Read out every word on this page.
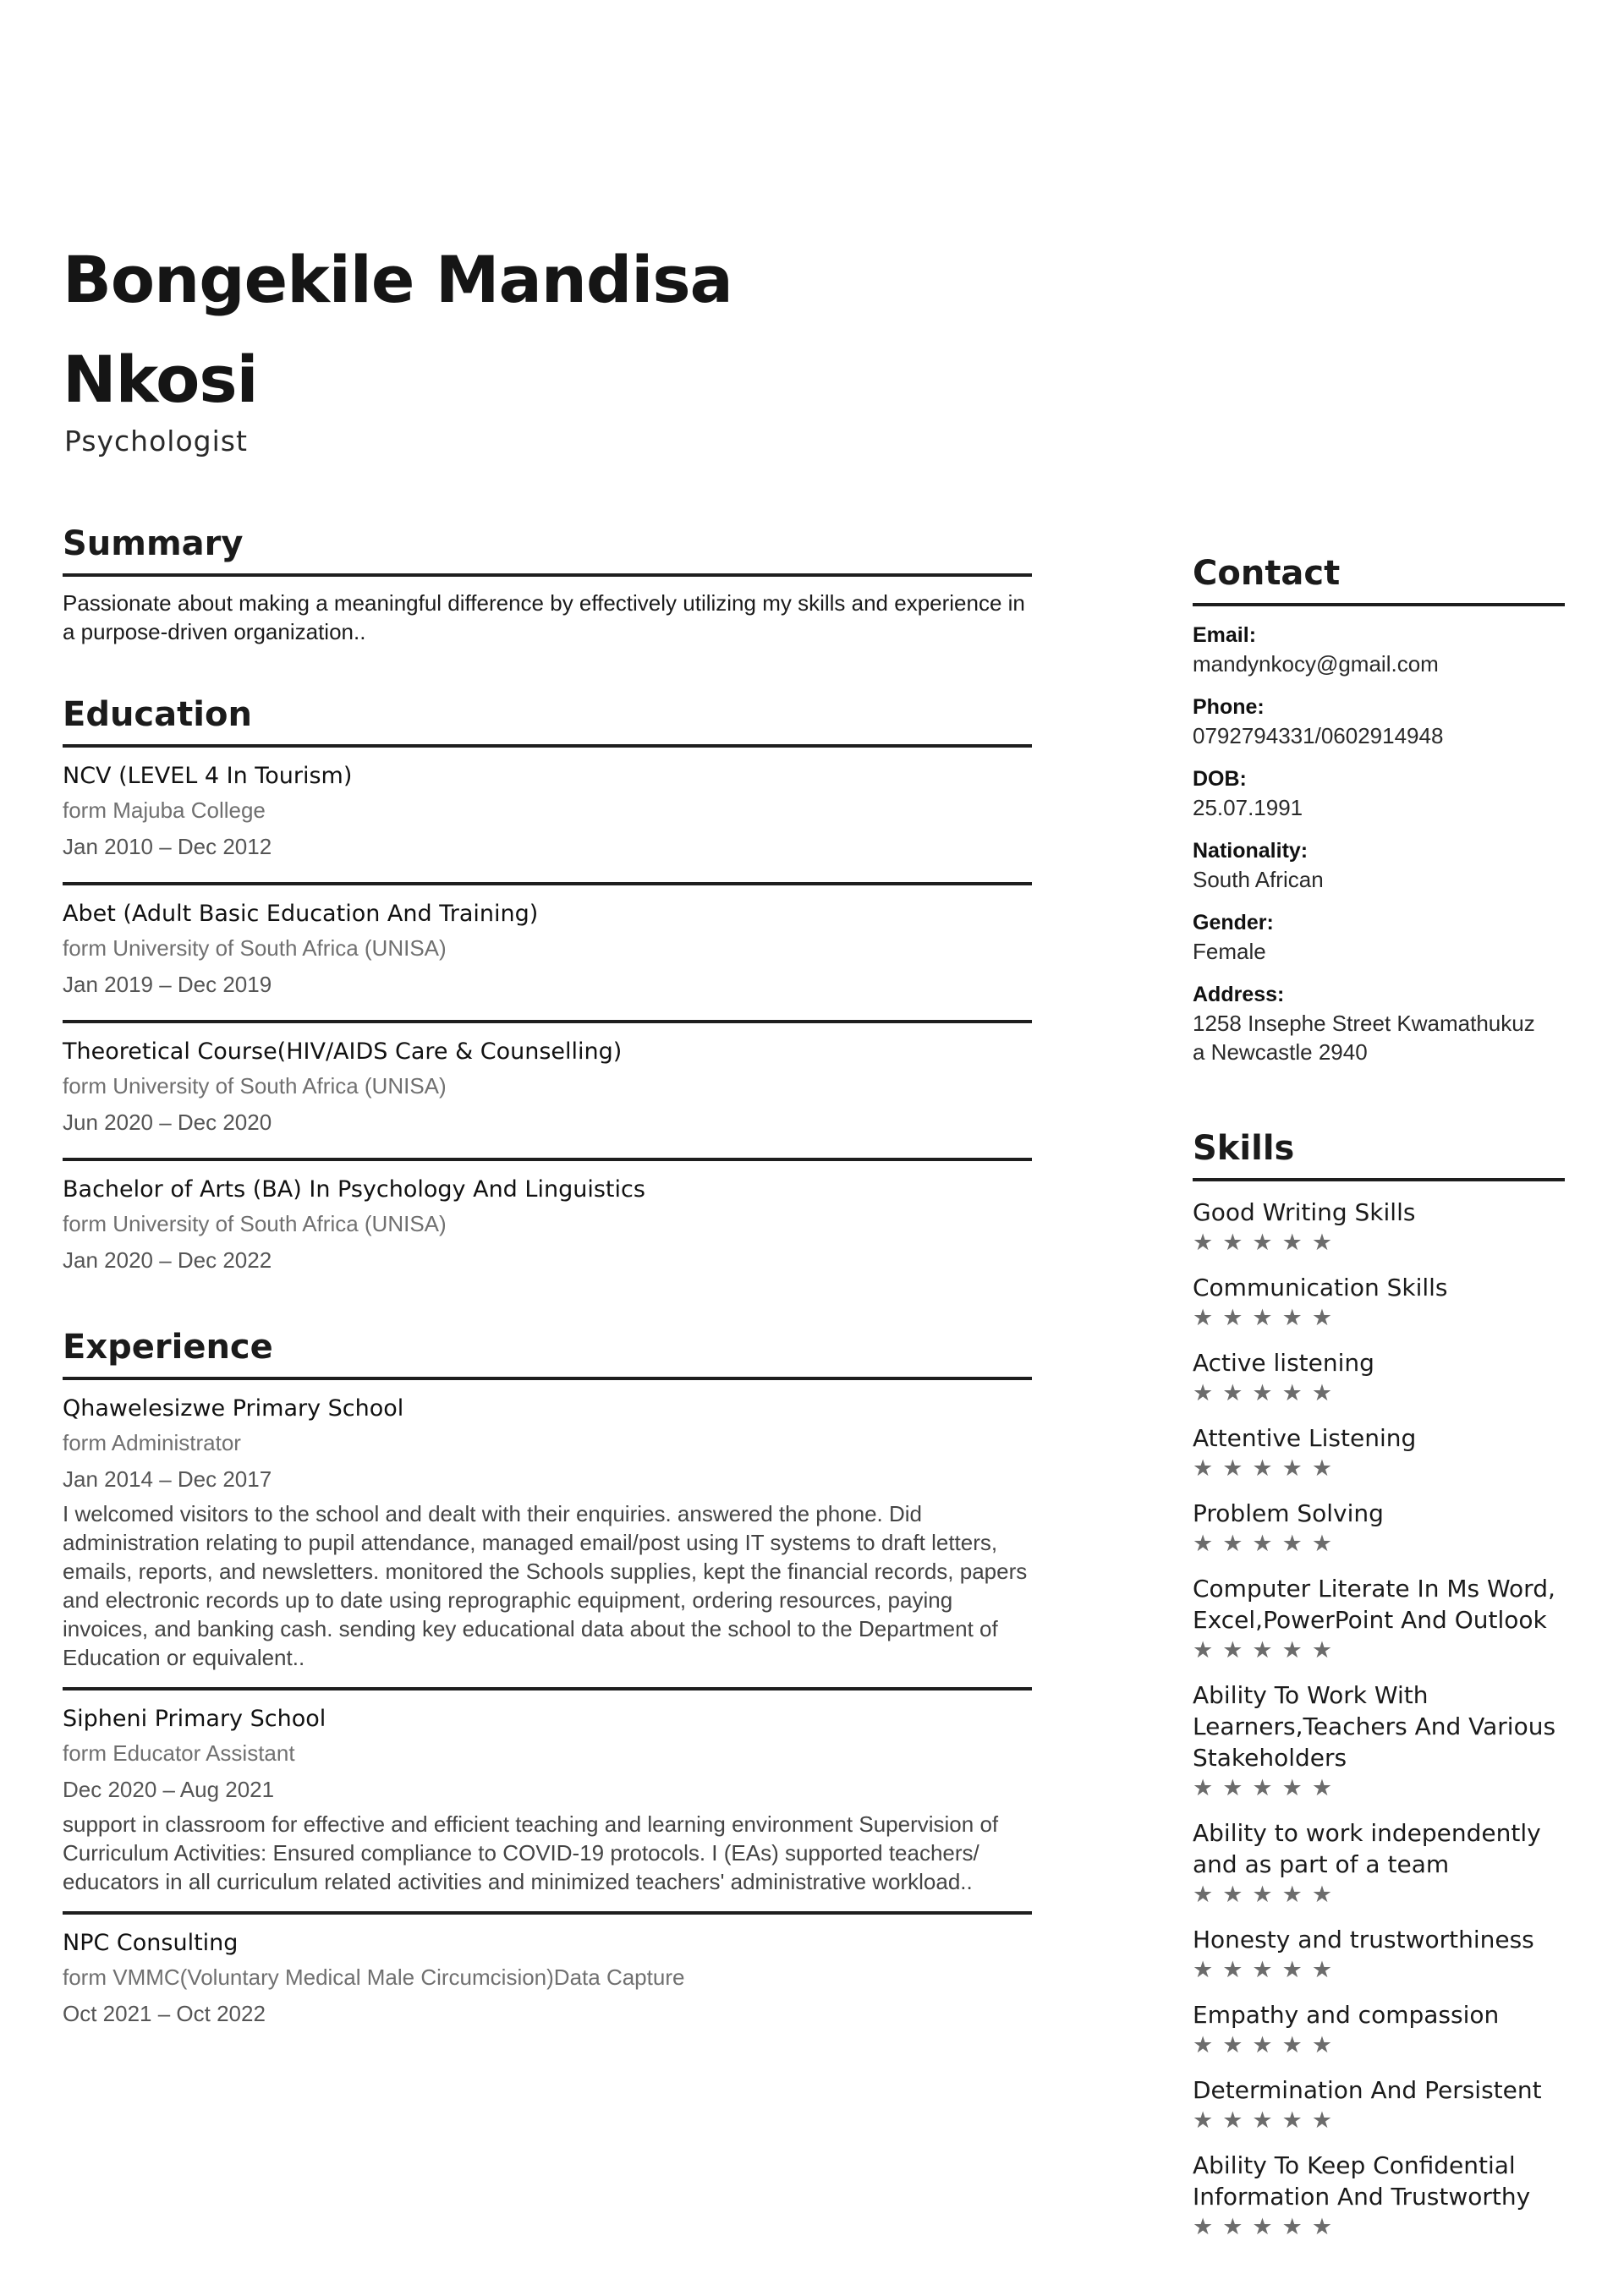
Bongekile Mandisa
Nkosi
Psychologist
Summary

Passionate about making a meaningful difference by effectively utilizing my skills and experience in a purpose-driven organization..

Education
NCV (LEVEL 4 In Tourism)
form Majuba College
Jan 2010 – Dec 2012
Abet (Adult Basic Education And Training)
form University of South Africa (UNISA)
Jan 2019 – Dec 2019
Theoretical Course(HIV/AIDS Care & Counselling)
form University of South Africa (UNISA)
Jun 2020 – Dec 2020
Bachelor of Arts (BA) In Psychology And Linguistics
form University of South Africa (UNISA)
Jan 2020 – Dec 2022
Experience
Qhawelesizwe Primary School
form Administrator
Jan 2014 – Dec 2017

I welcomed visitors to the school and dealt with their enquiries. answered the phone. Did administration relating to pupil attendance, managed email/post using IT systems to draft letters, emails, reports, and newsletters. monitored the Schools supplies, kept the financial records, papers and electronic records up to date using reprographic equipment, ordering resources, paying invoices, and banking cash. sending key educational data about the school to the Department of Education or equivalent..

Sipheni Primary School
form Educator Assistant
Dec 2020 – Aug 2021

support in classroom for effective and efficient teaching and learning environment Supervision of Curriculum Activities: Ensured compliance to COVID-19 protocols. I (EAs) supported teachers/ educators in all curriculum related activities and minimized teachers' administrative workload..

NPC Consulting
form VMMC(Voluntary Medical Male Circumcision)Data Capture
Oct 2021 – Oct 2022
Contact
Email:

mandynkocy@gmail.com

Phone:

0792794331/0602914948

DOB:

25.07.1991

Nationality:

South African

Gender:

Female

Address:

1258 Insephe Street Kwamathukuz

a Newcastle 2940

Skills
Good Writing Skills
★★★★★
Communication Skills
★★★★★
Active listening
★★★★★
Attentive Listening
★★★★★
Problem Solving
★★★★★
Computer Literate In Ms Word, Excel,PowerPoint And Outlook
★★★★★
Ability To Work With Learners,Teachers And Various Stakeholders
★★★★★
Ability to work independently and as part of a team
★★★★★
Honesty and trustworthiness
★★★★★
Empathy and compassion
★★★★★
Determination And Persistent
★★★★★
Ability To Keep Confidential Information And Trustworthy
★★★★★
